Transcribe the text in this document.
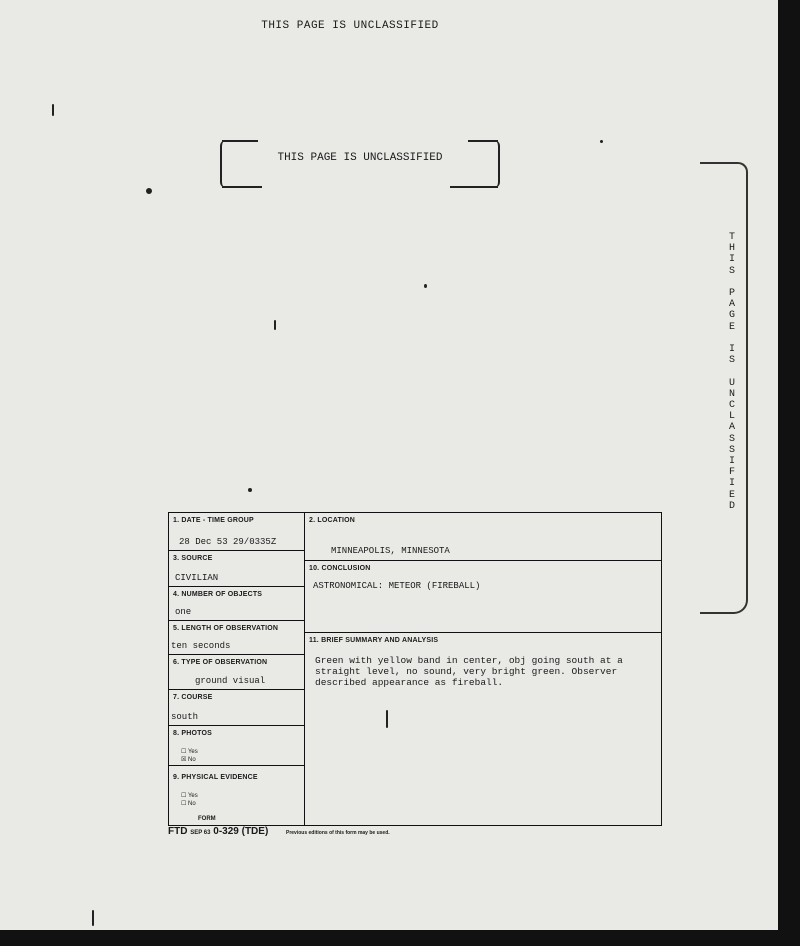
THIS PAGE IS UNCLASSIFIED
THIS PAGE IS UNCLASSIFIED
T
H
I
S

P
A
G
E

I
S

U
N
C
L
A
S
S
I
F
I
E
D
1. DATE - TIME GROUP
28 Dec 53 29/0335Z
3. SOURCE
CIVILIAN
4. NUMBER OF OBJECTS
one
5. LENGTH OF OBSERVATION
ten seconds
6. TYPE OF OBSERVATION
ground visual
7. COURSE
south
8. PHOTOS
☐ Yes
☒ No
9. PHYSICAL EVIDENCE
☐ Yes
☐ No
2. LOCATION
MINNEAPOLIS, MINNESOTA
10. CONCLUSION
ASTRONOMICAL: METEOR (FIREBALL)
11. BRIEF SUMMARY AND ANALYSIS
Green with yellow band in center, obj going south at a straight level, no sound, very bright green. Observer described appearance as fireball.
FORM
FTD SEP 63 0-329 (TDE)	Previous editions of this form may be used.
